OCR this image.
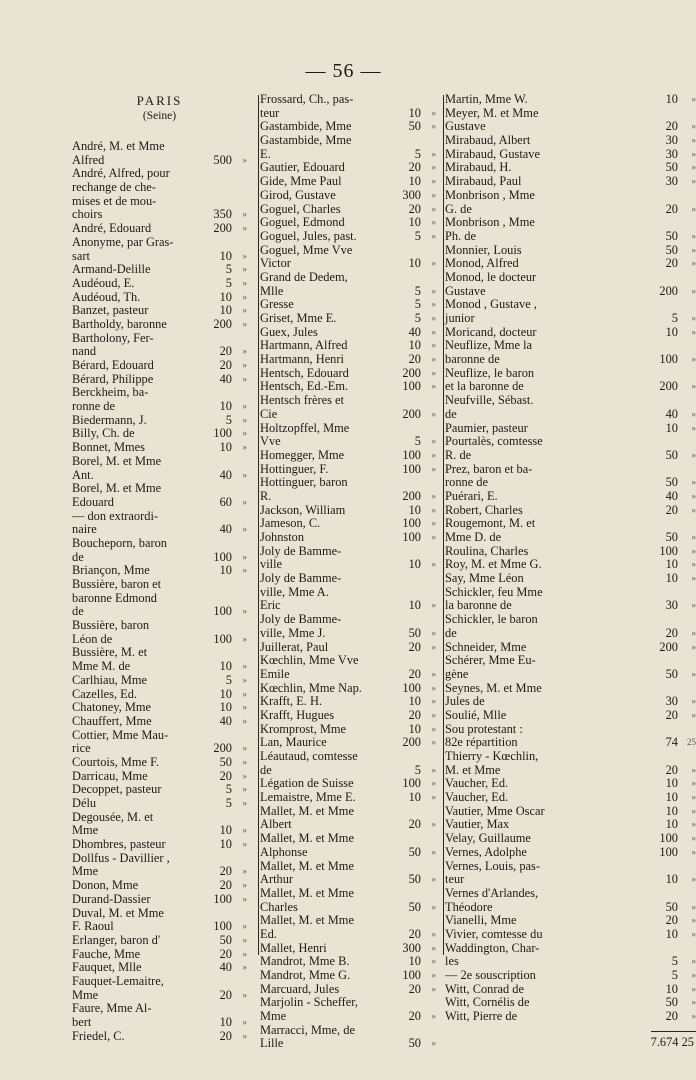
— 56 —
PARIS
(Seine)
André, M. et Mme
Alfred	500	»
André, Alfred, pour
rechange de che-
mises et de mou-
choirs	350	»
André, Edouard	200	»
Anonyme, par Gras-
sart	10	»
Armand-Delille	5	»
Audéoud, E.	5	»
Audéoud, Th.	10	»
Banzet, pasteur	10	»
Bartholdy, baronne	200	»
Bartholony, Fer-
nand	20	»
Bérard, Edouard	20	»
Bérard, Philippe	40	»
Berckheim, ba-
ronne de	10	»
Biedermann, J.	5	»
Billy, Ch. de	100	»
Bonnet, Mmes	10	»
Borel, M. et Mme
Ant.	40	»
Borel, M. et Mme
Edouard	60	»
— don extraordi-
naire	40	»
Boucheporn, baron
de	100	»
Briançon, Mme	10	»
Bussière, baron et
baronne Edmond
de	100	»
Bussière, baron
Léon de	100	»
Bussière, M. et
Mme M. de	10	»
Carlhiau, Mme	5	»
Cazelles, Ed.	10	»
Chatoney, Mme	10	»
Chauffert, Mme	40	»
Cottier, Mme Mau-
rice	200	»
Courtois, Mme F.	50	»
Darricau, Mme	20	»
Decoppet, pasteur	5	»
Délu	5	»
Degousée, M. et
Mme	10	»
Dhombres, pasteur	10	»
Dollfus - Davillier ,
Mme	20	»
Donon, Mme	20	»
Durand-Dassier	100	»
Duval, M. et Mme
F. Raoul	100	»
Erlanger, baron d'	50	»
Fauche, Mme	20	»
Fauquet, Mlle	40	»
Fauquet-Lemaitre,
Mme	20	»
Faure, Mme Al-
bert	10	»
Friedel, C.	20	»
Frossard, Ch., pas-
teur	10	»
Gastambide, Mme	50	»
Gastambide, Mme
E.	5	»
Gautier, Edouard	20	»
Gide, Mme Paul	10	»
Girod, Gustave	300	»
Goguel, Charles	20	»
Goguel, Edmond	10	»
Goguel, Jules, past.	5	»
Goguel, Mme Vve
Victor	10	»
Grand de Dedem,
Mlle	5	»
Gresse	5	»
Griset, Mme E.	5	»
Guex, Jules	40	»
Hartmann, Alfred	10	»
Hartmann, Henri	20	»
Hentsch, Edouard	200	»
Hentsch, Ed.-Em.	100	»
Hentsch frères et
Cie	200	»
Holtzopffel, Mme
Vve	5	»
Homegger, Mme	100	»
Hottinguer, F.	100	»
Hottinguer, baron
R.	200	»
Jackson, William	10	»
Jameson, C.	100	»
Johnston	100	»
Joly de Bamme-
ville	10	»
Joly de Bamme-
ville, Mme A.
Eric	10	»
Joly de Bamme-
ville, Mme J.	50	»
Juillerat, Paul	20	»
Kœchlin, Mme Vve
Emile	20	»
Kœchlin, Mme Nap.	100	»
Krafft, E. H.	10	»
Krafft, Hugues	20	»
Kromprost, Mme	10	»
Lan, Maurice	200	»
Léautaud, comtesse
de	5	»
Légation de Suisse	100	»
Lemaistre, Mme E.	10	»
Mallet, M. et Mme
Albert	20	»
Mallet, M. et Mme
Alphonse	50	»
Mallet, M. et Mme
Arthur	50	»
Mallet, M. et Mme
Charles	50	»
Mallet, M. et Mme
Ed.	20	»
Mallet, Henri	300	»
Mandrot, Mme B.	10	»
Mandrot, Mme G.	100	»
Marcuard, Jules	20	»
Marjolin - Scheffer,
Mme	20	»
Marracci, Mme, de
Lille	50	»
Martin, Mme W.	10	»
Meyer, M. et Mme
Gustave	20	»
Mirabaud, Albert	30	»
Mirabaud, Gustave	30	»
Mirabaud, H.	50	»
Mirabaud, Paul	30	»
Monbrison , Mme
G. de	20	»
Monbrison , Mme
Ph. de	50	»
Monnier, Louis	50	»
Monod, Alfred	20	»
Monod, le docteur
Gustave	200	»
Monod , Gustave ,
junior	5	»
Moricand, docteur	10	»
Neuflize, Mme la
baronne de	100	»
Neuflize, le baron
et la baronne de	200	»
Neufville, Sébast.
de	40	»
Paumier, pasteur	10	»
Pourtalès, comtesse
R. de	50	»
Prez, baron et ba-
ronne de	50	»
Puérari, E.	40	»
Robert, Charles	20	»
Rougemont, M. et
Mme D. de	50	»
Roulina, Charles	100	»
Roy, M. et Mme G.	10	»
Say, Mme Léon	10	»
Schickler, feu Mme
la baronne de	30	»
Schickler, le baron
de	20	»
Schneider, Mme	200	»
Schérer, Mme Eu-
gène	50	»
Seynes, M. et Mme
Jules de	30	»
Soulié, Mlle	20	»
Sou protestant :
82e répartition	74	25
Thierry - Kœchlin,
M. et Mme	20	»
Vaucher, Ed.	10	»
Vaucher, Ed.	10	»
Vautier, Mme Oscar	10	»
Vautier, Max	10	»
Velay, Guillaume	100	»
Vernes, Adolphe	100	»
Vernes, Louis, pas-
teur	10	»
Vernes d'Arlandes,
Théodore	50	»
Vianelli, Mme	20	»
Vivier, comtesse du	10	»
Waddington, Char-
les	5	»
— 2e souscription	5	»
Witt, Conrad de	10	»
Witt, Cornélis de	50	»
Witt, Pierre de	20	»
7.674 25
